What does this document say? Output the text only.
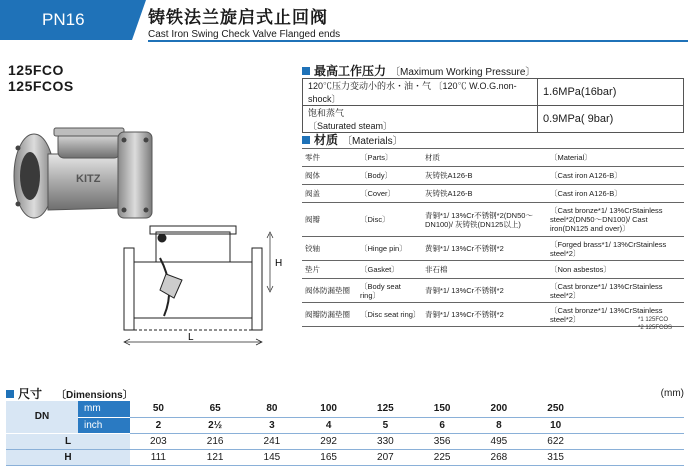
PN16	铸铁法兰旋启式止回阀
Cast Iron Swing Check Valve Flanged ends
125FCO
125FCOS
KITZ
H
L
最高工作压力 〔Maximum Working Pressure〕
120℃压力变动小的水・油・气 〔120℃ W.O.G.non-shock〕	1.6MPa(16bar)
饱和蒸气 〔Saturated steam〕	0.9MPa( 9bar)
材质 〔Materials〕
零件	〔Parts〕	材质	〔Material〕
阀体	〔Body〕	灰铸铁A126-B	〔Cast iron A126-B〕
阀盖	〔Cover〕	灰铸铁A126-B	〔Cast iron A126-B〕
阀瓣	〔Disc〕	青铜*1/ 13%Cr不锈钢*2(DN50～DN100)/ 灰铸铁(DN125以上)	〔Cast bronze*1/ 13%CrStainless steel*2(DN50～DN100)/ Cast iron(DN125 and over)〕
铰轴	〔Hinge pin〕	黄铜*1/ 13%Cr不锈钢*2	〔Forged brass*1/ 13%CrStainless steel*2〕
垫片	〔Gasket〕	非石棉	〔Non asbestos〕
阀体防漏垫圈	〔Body seat ring〕	青铜*1/ 13%Cr不锈钢*2	〔Cast bronze*1/ 13%CrStainless steel*2〕
阀瓣防漏垫圈	〔Disc seat ring〕	青铜*1/ 13%Cr不锈钢*2	〔Cast bronze*1/ 13%CrStainless steel*2〕	*1 125FCO
*2 125FCOS
尺寸 〔Dimensions〕	(mm)
DN	mm	50	65	80	100	125	150	200	250	
	inch	2	2½	3	4	5	6	8	10	
L		203	216	241	292	330	356	495	622	
H		111	121	145	165	207	225	268	315	
